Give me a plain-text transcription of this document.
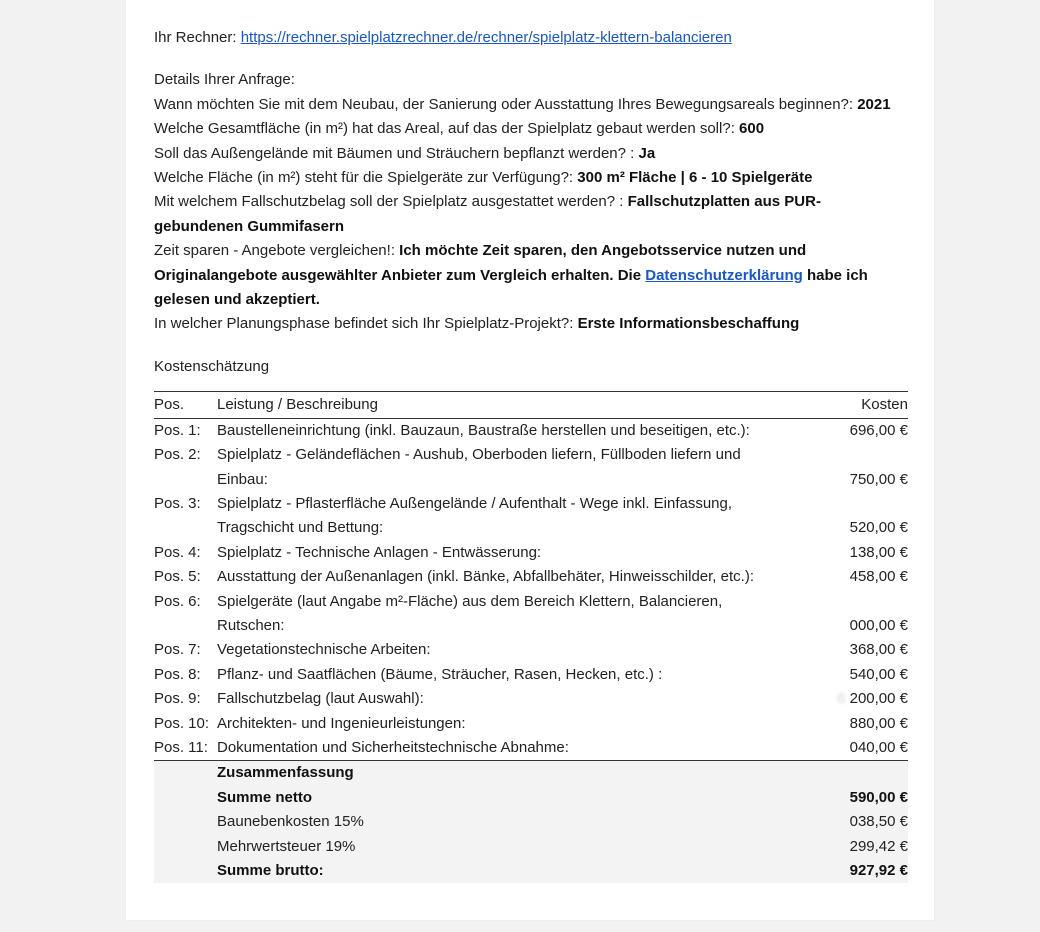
Ihr Rechner: https://rechner.spielplatzrechner.de/rechner/spielplatz-klettern-balancieren

Details Ihrer Anfrage:

Wann möchten Sie mit dem Neubau, der Sanierung oder Ausstattung Ihres Bewegungsareals beginnen?: 2021

Welche Gesamtfläche (in m²) hat das Areal, auf das der Spielplatz gebaut werden soll?: 600

Soll das Außengelände mit Bäumen und Sträuchern bepflanzt werden? : Ja

Welche Fläche (in m²) steht für die Spielgeräte zur Verfügung?: 300 m² Fläche | 6 - 10 Spielgeräte

Mit welchem Fallschutzbelag soll der Spielplatz ausgestattet werden? : Fallschutzplatten aus PUR-gebundenen Gummifasern

Zeit sparen - Angebote vergleichen!: Ich möchte Zeit sparen, den Angebotsservice nutzen und Originalangebote ausgewählter Anbieter zum Vergleich erhalten. Die Datenschutzerklärung habe ich gelesen und akzeptiert.

In welcher Planungsphase befindet sich Ihr Spielplatz-Projekt?: Erste Informationsbeschaffung

Kostenschätzung

Pos.	Leistung / Beschreibung	Kosten
Pos. 1:	Baustelleneinrichtung (inkl. Bauzaun, Baustraße herstellen und beseitigen, etc.):	696,00 €
Pos. 2:	Spielplatz - Geländeflächen - Aushub, Oberboden liefern, Füllboden liefern und	
	Einbau:	750,00 €
Pos. 3:	Spielplatz - Pflasterfläche Außengelände / Aufenthalt - Wege inkl. Einfassung,	
	Tragschicht und Bettung:	520,00 €
Pos. 4:	Spielplatz - Technische Anlagen - Entwässerung:	138,00 €
Pos. 5:	Ausstattung der Außenanlagen (inkl. Bänke, Abfallbehäter, Hinweisschilder, etc.):	458,00 €
Pos. 6:	Spielgeräte (laut Angabe m²-Fläche) aus dem Bereich Klettern, Balancieren,	
	Rutschen:	000,00 €
Pos. 7:	Vegetationstechnische Arbeiten:	368,00 €
Pos. 8:	Pflanz- und Saatflächen (Bäume, Sträucher, Rasen, Hecken, etc.) :	540,00 €
Pos. 9:	Fallschutzbelag (laut Auswahl):	6 200,00 €
Pos. 10:	Architekten- und Ingenieurleistungen:	880,00 €
Pos. 11:	Dokumentation und Sicherheitstechnische Abnahme:	040,00 €
	Zusammenfassung	
	Summe netto	590,00 €
	Baunebenkosten 15%	038,50 €
	Mehrwertsteuer 19%	299,42 €
	Summe brutto:	927,92 €
